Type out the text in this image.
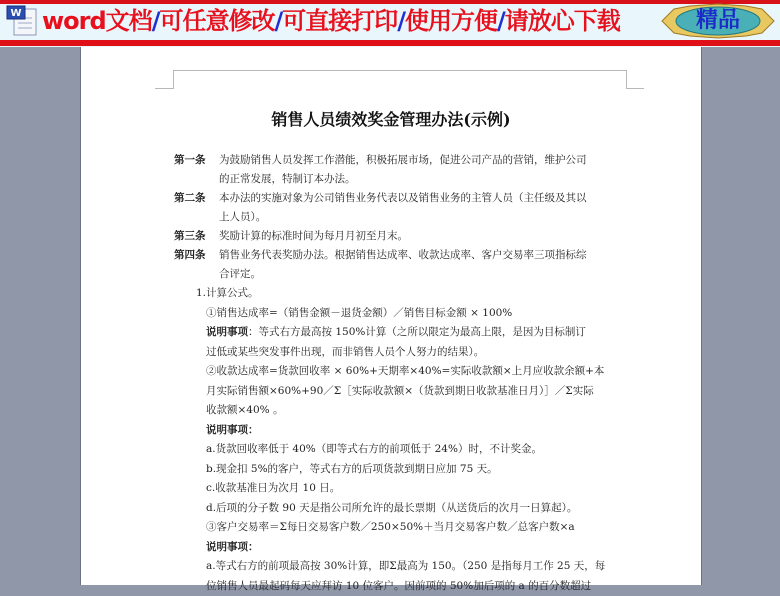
W word文档/可任意修改/可直接打印/使用方便/请放心下载	精品
销售人员绩效奖金管理办法(示例)
第一条	为鼓励销售人员发挥工作潜能，积极拓展市场，促进公司产品的营销，维护公司
的正常发展，特制订本办法。
第二条	本办法的实施对象为公司销售业务代表以及销售业务的主管人员（主任级及其以
上人员）。
第三条	奖励计算的标准时间为每月月初至月末。
第四条	销售业务代表奖励办法。根据销售达成率、收款达成率、客户交易率三项指标综
合评定。
1.计算公式。
①销售达成率=（销售金额－退货金额）／销售目标金额 × 100%
说明事项：等式右方最高按 150%计算（之所以限定为最高上限，是因为目标制订
过低或某些突发事件出现，而非销售人员个人努力的结果）。
②收款达成率=货款回收率 × 60%+天期率×40%=实际收款额×上月应收款余额+本
月实际销售额×60%+90／Σ［实际收款额×（货款到期日收款基准日月）］／Σ实际
收款额×40% 。
说明事项：
a.货款回收率低于 40%（即等式右方的前项低于 24%）时，不计奖金。
b.现金扣 5%的客户，等式右方的后项货款到期日应加 75 天。
c.收款基准日为次月 10 日。
d.后项的分子数 90 天是指公司所允许的最长票期（从送货后的次月一日算起）。
③客户交易率＝Σ每日交易客户数／250×50%＋当月交易客户数／总客户数×a
说明事项：
a.等式右方的前项最高按 30%计算，即Σ最高为 150。（250 是指每月工作 25 天，每
位销售人员最起码每天应拜访 10 位客户。因前项的 50%加后项的 a 的百分数超过
